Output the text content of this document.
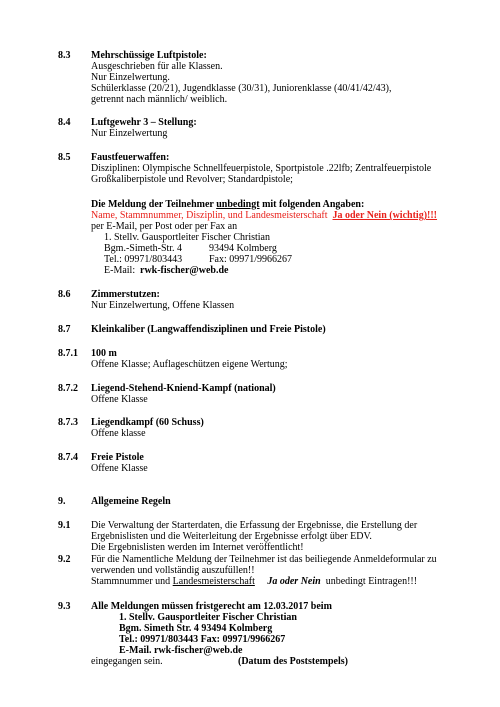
8.3 Mehrschüssige Luftpistole:
Ausgeschrieben für alle Klassen.
Nur Einzelwertung.
Schülerklasse (20/21), Jugendklasse (30/31), Juniorenklasse (40/41/42/43),
getrennt nach männlich/ weiblich.
8.4 Luftgewehr 3 – Stellung:
Nur Einzelwertung
8.5 Faustfeuerwaffen:
Disziplinen: Olympische Schnellfeuerpistole, Sportpistole .22lfb; Zentralfeuerpistole
Großkaliberpistole und Revolver; Standardpistole;
Die Meldung der Teilnehmer unbedingt mit folgenden Angaben:
Name, Stammnummer, Disziplin, und Landesmeisterschaft Ja oder Nein (wichtig)!!!
per E-Mail, per Post oder per Fax an
1. Stellv. Gausportleiter Fischer Christian
Bgm.-Simeth-Str. 4	93494 Kolmberg
Tel.: 09971/803443	Fax: 09971/9966267
E-Mail: rwk-fischer@web.de
8.6 Zimmerstutzen:
Nur Einzelwertung, Offene Klassen
8.7 Kleinkaliber (Langwaffendisziplinen und Freie Pistole)
8.7.1 100 m
Offene Klasse; Auflageschützen eigene Wertung;
8.7.2 Liegend-Stehend-Kniend-Kampf (national)
Offene Klasse
8.7.3 Liegendkampf (60 Schuss)
Offene klasse
8.7.4 Freie Pistole
Offene Klasse
9.	Allgemeine Regeln
9.1 Die Verwaltung der Starterdaten, die Erfassung der Ergebnisse, die Erstellung der
Ergebnislisten und die Weiterleitung der Ergebnisse erfolgt über EDV.
Die Ergebnislisten werden im Internet veröffentlicht!
9.2 Für die Namentliche Meldung der Teilnehmer ist das beiliegende Anmeldeformular zu
verwenden und vollständig auszufüllen!!
Stammnummer und Landesmeisterschaft Ja oder Nein unbedingt Eintragen!!!
9.3 Alle Meldungen müssen fristgerecht am 12.03.2017 beim
1. Stellv. Gausportleiter Fischer Christian
Bgm. Simeth Str. 4 93494 Kolmberg
Tel.: 09971/803443 Fax: 09971/9966267
E-Mail. rwk-fischer@web.de
eingegangen sein.	(Datum des Poststempels)
